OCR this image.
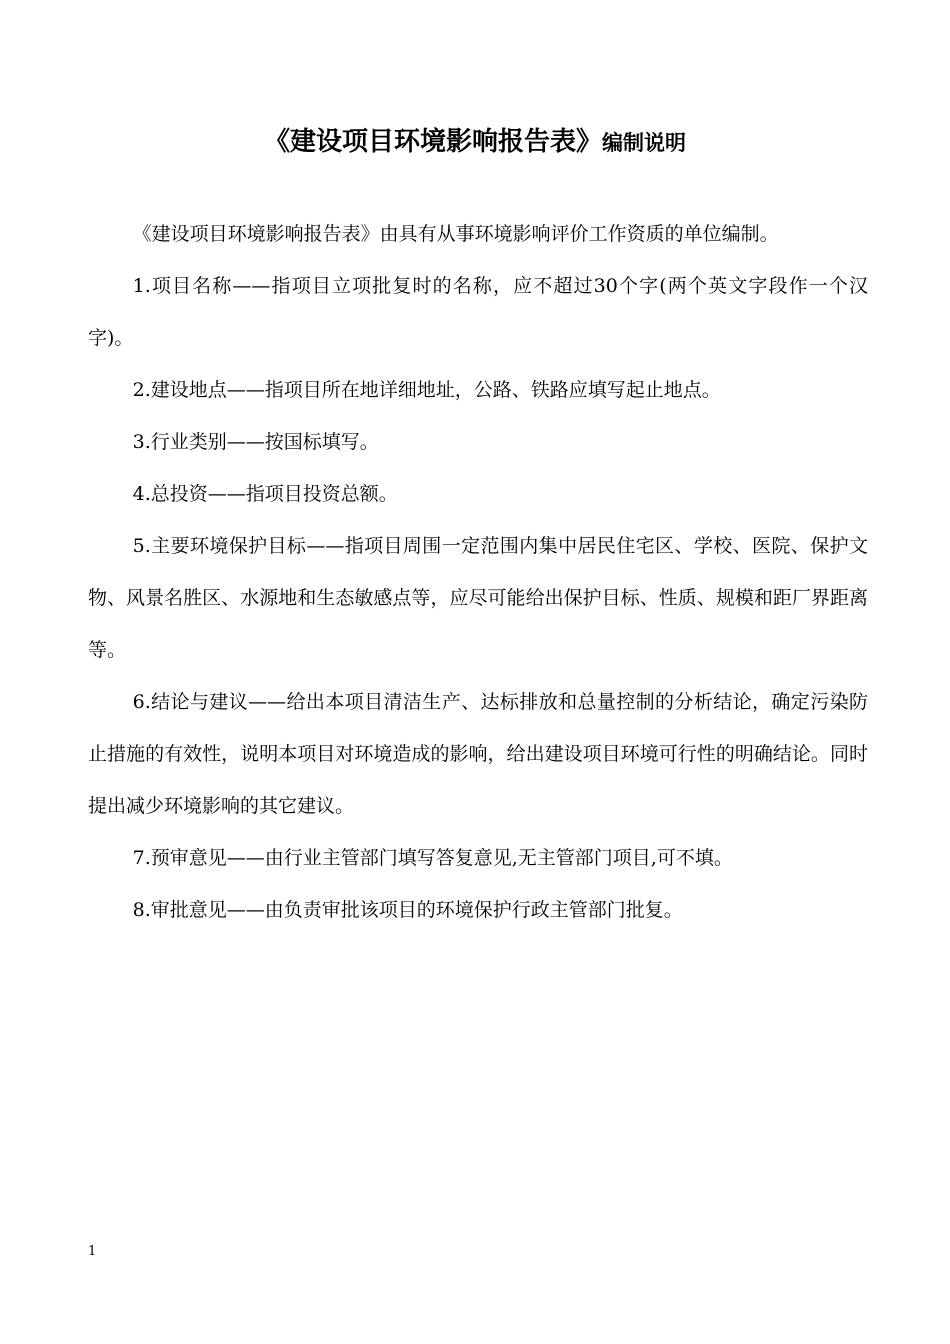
《建设项目环境影响报告表》编制说明

《建设项目环境影响报告表》由具有从事环境影响评价工作资质的单位编制。

1.项目名称——指项目立项批复时的名称，应不超过30个字(两个英文字段作一个汉字)。

2.建设地点——指项目所在地详细地址，公路、铁路应填写起止地点。

3.行业类别——按国标填写。

4.总投资——指项目投资总额。

5.主要环境保护目标——指项目周围一定范围内集中居民住宅区、学校、医院、保护文物、风景名胜区、水源地和生态敏感点等，应尽可能给出保护目标、性质、规模和距厂界距离等。

6.结论与建议——给出本项目清洁生产、达标排放和总量控制的分析结论，确定污染防止措施的有效性，说明本项目对环境造成的影响，给出建设项目环境可行性的明确结论。同时提出减少环境影响的其它建议。

7.预审意见——由行业主管部门填写答复意见,无主管部门项目,可不填。

8.审批意见——由负责审批该项目的环境保护行政主管部门批复。

1
